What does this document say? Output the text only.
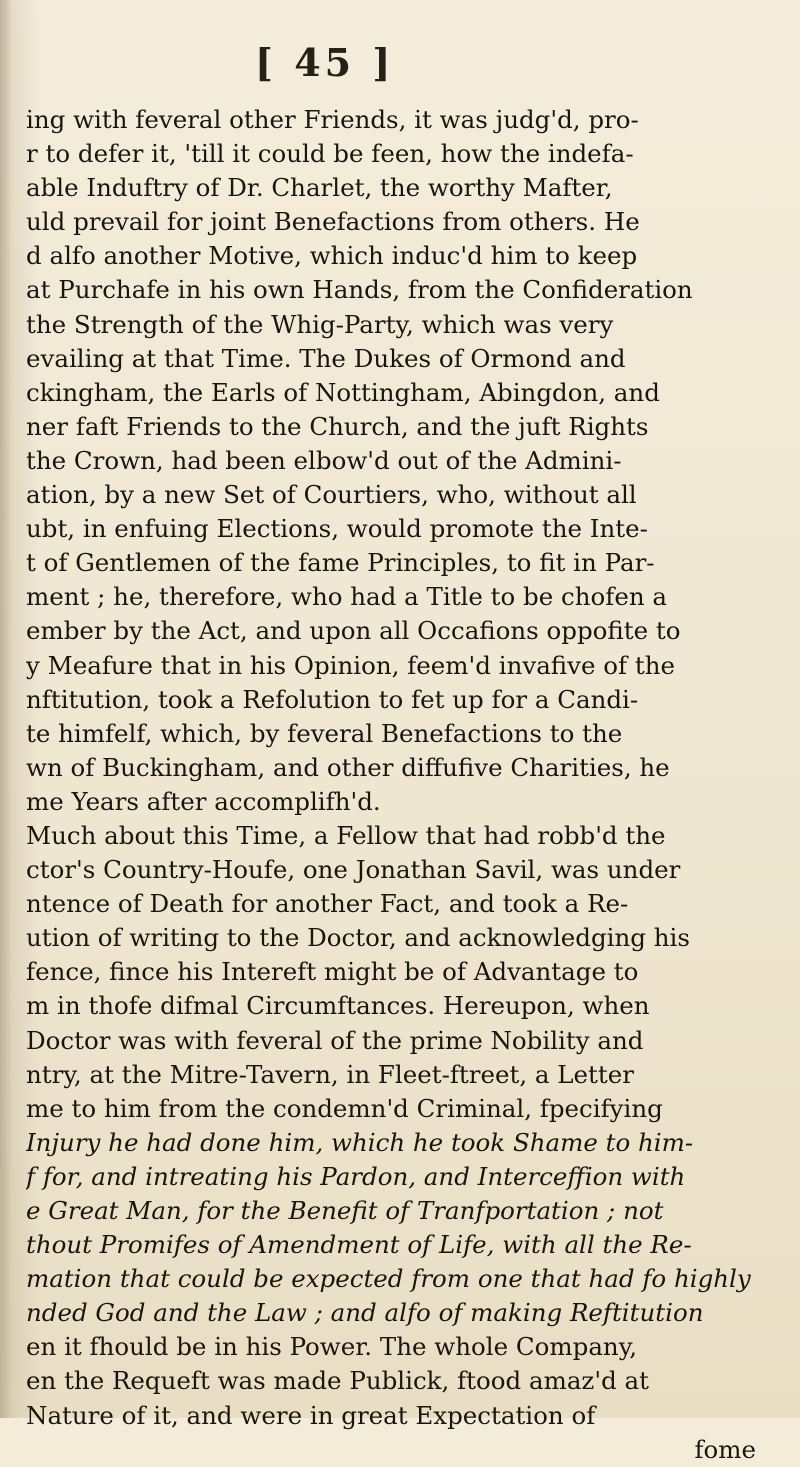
[ 45 ]
ing with feveral other Friends, it was judg'd, pro-
r to defer it, 'till it could be feen, how the indefa-
able Induftry of Dr. Charlet, the worthy Mafter,
uld prevail for joint Benefactions from others. He
d alfo another Motive, which induc'd him to keep
at Purchafe in his own Hands, from the Confideration
the Strength of the Whig-Party, which was very
evailing at that Time. The Dukes of Ormond and
ckingham, the Earls of Nottingham, Abingdon, and
ner faft Friends to the Church, and the juft Rights
the Crown, had been elbow'd out of the Admini-
ation, by a new Set of Courtiers, who, without all
ubt, in enfuing Elections, would promote the Inte-
t of Gentlemen of the fame Principles, to fit in Par-
ment ; he, therefore, who had a Title to be chofen a
ember by the Act, and upon all Occafions oppofite to
y Meafure that in his Opinion, feem'd invafive of the
nftitution, took a Refolution to fet up for a Candi-
te himfelf, which, by feveral Benefactions to the
wn of Buckingham, and other diffufive Charities, he
me Years after accomplifh'd.
Much about this Time, a Fellow that had robb'd the
ctor's Country-Houfe, one Jonathan Savil, was under
ntence of Death for another Fact, and took a Re-
ution of writing to the Doctor, and acknowledging his
fence, fince his Intereft might be of Advantage to
m in thofe difmal Circumftances. Hereupon, when
Doctor was with feveral of the prime Nobility and
ntry, at the Mitre-Tavern, in Fleet-ftreet, a Letter
me to him from the condemn'd Criminal, fpecifying
Injury he had done him, which he took Shame to him-
f for, and intreating his Pardon, and Interceffion with
e Great Man, for the Benefit of Tranfportation ; not
thout Promifes of Amendment of Life, with all the Re-
mation that could be expected from one that had fo highly
nded God and the Law ; and alfo of making Reftitution
en it fhould be in his Power. The whole Company,
en the Requeft was made Publick, ftood amaz'd at
Nature of it, and were in great Expectation of
fome
